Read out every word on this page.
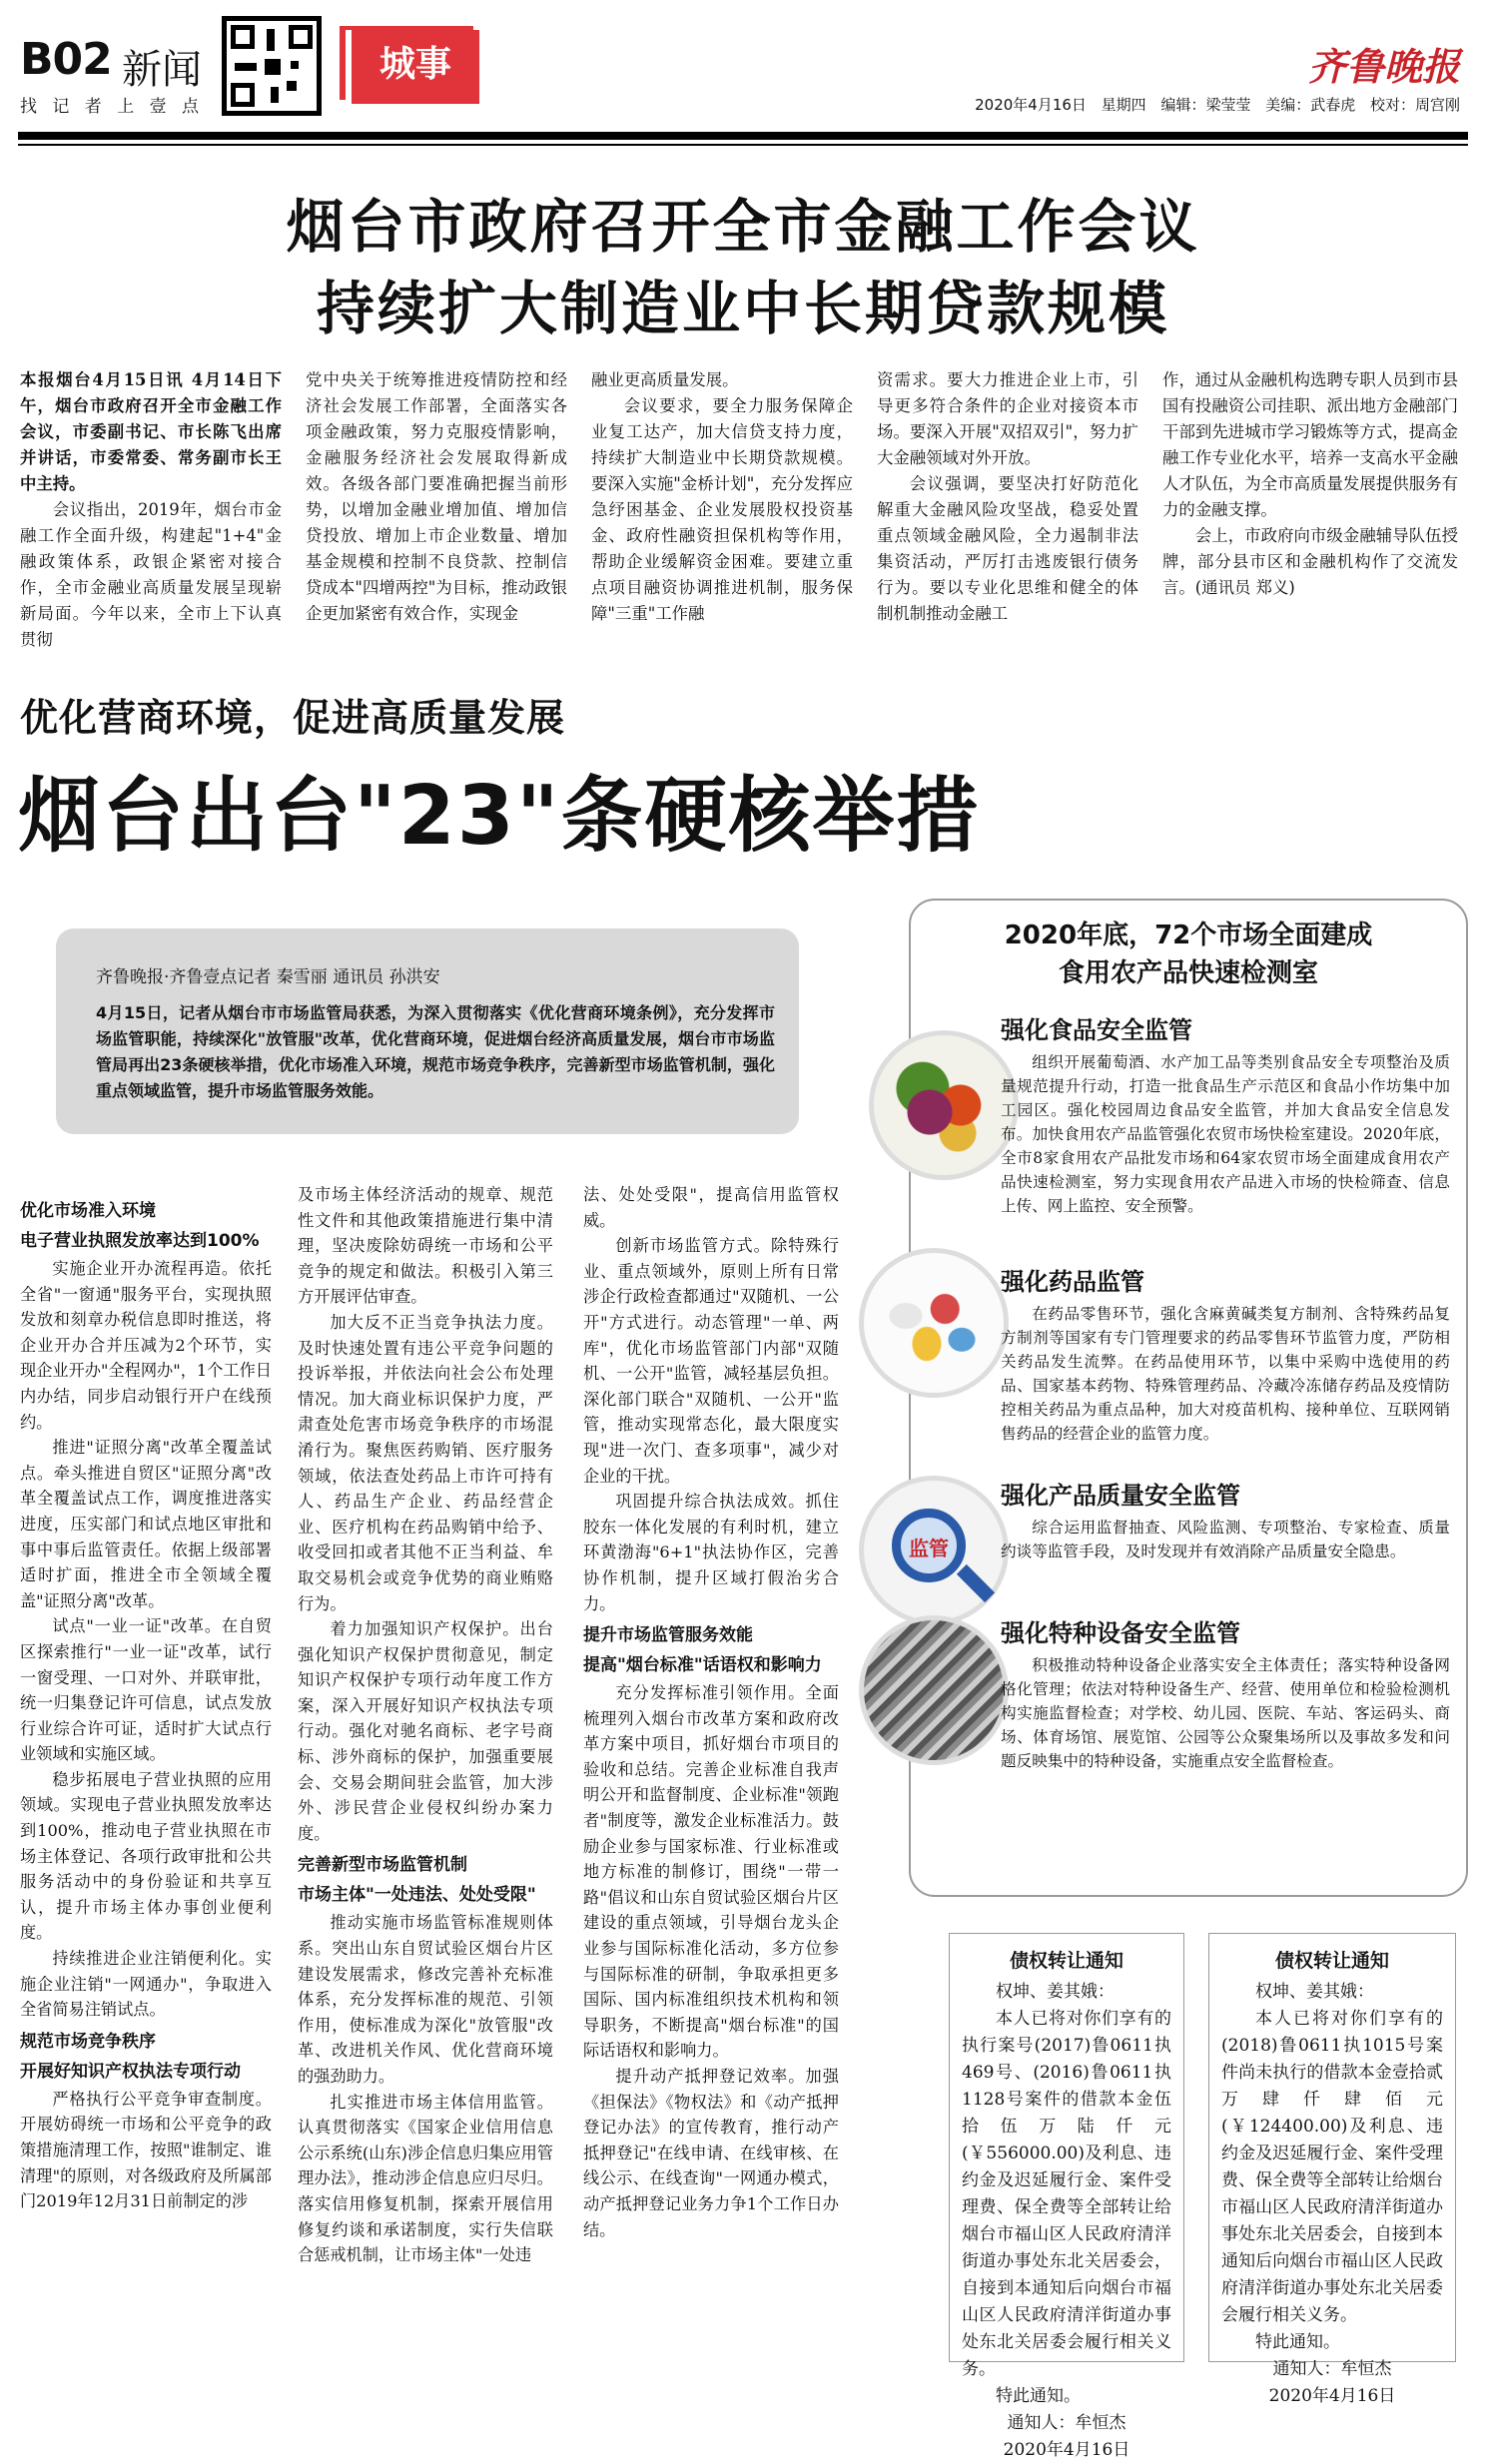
B02 新闻
找 记 者 上 壹 点
城事	齐鲁晚报
2020年4月16日 星期四 编辑：梁莹莹 美编：武春虎 校对：周宫刚
烟台市政府召开全市金融工作会议
持续扩大制造业中长期贷款规模

本报烟台4月15日讯 4月14日下午，烟台市政府召开全市金融工作会议，市委副书记、市长陈飞出席并讲话，市委常委、常务副市长王中主持。

会议指出，2019年，烟台市金融工作全面升级，构建起"1+4"金融政策体系，政银企紧密对接合作，全市金融业高质量发展呈现崭新局面。今年以来，全市上下认真贯彻

党中央关于统筹推进疫情防控和经济社会发展工作部署，全面落实各项金融政策，努力克服疫情影响，金融服务经济社会发展取得新成效。各级各部门要准确把握当前形势，以增加金融业增加值、增加信贷投放、增加上市企业数量、增加基金规模和控制不良贷款、控制信贷成本"四增两控"为目标，推动政银企更加紧密有效合作，实现金

融业更高质量发展。

会议要求，要全力服务保障企业复工达产，加大信贷支持力度，持续扩大制造业中长期贷款规模。要深入实施"金桥计划"，充分发挥应急纾困基金、企业发展股权投资基金、政府性融资担保机构等作用，帮助企业缓解资金困难。要建立重点项目融资协调推进机制，服务保障"三重"工作融

资需求。要大力推进企业上市，引导更多符合条件的企业对接资本市场。要深入开展"双招双引"，努力扩大金融领域对外开放。

会议强调，要坚决打好防范化解重大金融风险攻坚战，稳妥处置重点领域金融风险，全力遏制非法集资活动，严厉打击逃废银行债务行为。要以专业化思维和健全的体制机制推动金融工

作，通过从金融机构选聘专职人员到市县国有投融资公司挂职、派出地方金融部门干部到先进城市学习锻炼等方式，提高金融工作专业化水平，培养一支高水平金融人才队伍，为全市高质量发展提供服务有力的金融支撑。

会上，市政府向市级金融辅导队伍授牌，部分县市区和金融机构作了交流发言。(通讯员 郑义)

优化营商环境，促进高质量发展
烟台出台"23"条硬核举措
齐鲁晚报·齐鲁壹点记者 秦雪丽 通讯员 孙洪安
4月15日，记者从烟台市市场监管局获悉，为深入贯彻落实《优化营商环境条例》，充分发挥市场监管职能，持续深化"放管服"改革，优化营商环境，促进烟台经济高质量发展，烟台市市场监管局再出23条硬核举措，优化市场准入环境，规范市场竞争秩序，完善新型市场监管机制，强化重点领域监管，提升市场监管服务效能。
优化市场准入环境
电子营业执照发放率达到100%

实施企业开办流程再造。依托全省"一窗通"服务平台，实现执照发放和刻章办税信息即时推送，将企业开办合并压减为2个环节，实现企业开办"全程网办"，1个工作日内办结，同步启动银行开户在线预约。

推进"证照分离"改革全覆盖试点。牵头推进自贸区"证照分离"改革全覆盖试点工作，调度推进落实进度，压实部门和试点地区审批和事中事后监管责任。依据上级部署适时扩面，推进全市全领域全覆盖"证照分离"改革。

试点"一业一证"改革。在自贸区探索推行"一业一证"改革，试行一窗受理、一口对外、并联审批，统一归集登记许可信息，试点发放行业综合许可证，适时扩大试点行业领域和实施区域。

稳步拓展电子营业执照的应用领域。实现电子营业执照发放率达到100%，推动电子营业执照在市场主体登记、各项行政审批和公共服务活动中的身份验证和共享互认，提升市场主体办事创业便利度。

持续推进企业注销便利化。实施企业注销"一网通办"，争取进入全省简易注销试点。

规范市场竞争秩序
开展好知识产权执法专项行动

严格执行公平竞争审查制度。开展妨碍统一市场和公平竞争的政策措施清理工作，按照"谁制定、谁清理"的原则，对各级政府及所属部门2019年12月31日前制定的涉

及市场主体经济活动的规章、规范性文件和其他政策措施进行集中清理，坚决废除妨碍统一市场和公平竞争的规定和做法。积极引入第三方开展评估审查。

加大反不正当竞争执法力度。及时快速处置有违公平竞争问题的投诉举报，并依法向社会公布处理情况。加大商业标识保护力度，严肃查处危害市场竞争秩序的市场混淆行为。聚焦医药购销、医疗服务领域，依法查处药品上市许可持有人、药品生产企业、药品经营企业、医疗机构在药品购销中给予、收受回扣或者其他不正当利益、牟取交易机会或竞争优势的商业贿赂行为。

着力加强知识产权保护。出台强化知识产权保护贯彻意见，制定知识产权保护专项行动年度工作方案，深入开展好知识产权执法专项行动。强化对驰名商标、老字号商标、涉外商标的保护，加强重要展会、交易会期间驻会监管，加大涉外、涉民营企业侵权纠纷办案力度。

完善新型市场监管机制
市场主体"一处违法、处处受限"

推动实施市场监管标准规则体系。突出山东自贸试验区烟台片区建设发展需求，修改完善补充标准体系，充分发挥标准的规范、引领作用，使标准成为深化"放管服"改革、改进机关作风、优化营商环境的强劲助力。

扎实推进市场主体信用监管。认真贯彻落实《国家企业信用信息公示系统(山东)涉企信息归集应用管理办法》，推动涉企信息应归尽归。落实信用修复机制，探索开展信用修复约谈和承诺制度，实行失信联合惩戒机制，让市场主体"一处违

法、处处受限"，提高信用监管权威。

创新市场监管方式。除特殊行业、重点领域外，原则上所有日常涉企行政检查都通过"双随机、一公开"方式进行。动态管理"一单、两库"，优化市场监管部门内部"双随机、一公开"监管，减轻基层负担。深化部门联合"双随机、一公开"监管，推动实现常态化，最大限度实现"进一次门、查多项事"，减少对企业的干扰。

巩固提升综合执法成效。抓住胶东一体化发展的有利时机，建立环黄渤海"6+1"执法协作区，完善协作机制，提升区域打假治劣合力。

提升市场监管服务效能
提高"烟台标准"话语权和影响力

充分发挥标准引领作用。全面梳理列入烟台市改革方案和政府改革方案中项目，抓好烟台市项目的验收和总结。完善企业标准自我声明公开和监督制度、企业标准"领跑者"制度等，激发企业标准活力。鼓励企业参与国家标准、行业标准或地方标准的制修订，围绕"一带一路"倡议和山东自贸试验区烟台片区建设的重点领域，引导烟台龙头企业参与国际标准化活动，多方位参与国际标准的研制，争取承担更多国际、国内标准组织技术机构和领导职务，不断提高"烟台标准"的国际话语权和影响力。

提升动产抵押登记效率。加强《担保法》《物权法》和《动产抵押登记办法》的宣传教育，推行动产抵押登记"在线申请、在线审核、在线公示、在线查询"一网通办模式，动产抵押登记业务力争1个工作日办结。

2020年底，72个市场全面建成
食用农产品快速检测室
强化食品安全监管
组织开展葡萄酒、水产加工品等类别食品安全专项整治及质量规范提升行动，打造一批食品生产示范区和食品小作坊集中加工园区。强化校园周边食品安全监管，并加大食品安全信息发布。加快食用农产品监管强化农贸市场快检室建设。2020年底，全市8家食用农产品批发市场和64家农贸市场全面建成食用农产品快速检测室，努力实现食用农产品进入市场的快检筛查、信息上传、网上监控、安全预警。
强化药品监管
在药品零售环节，强化含麻黄碱类复方制剂、含特殊药品复方制剂等国家有专门管理要求的药品零售环节监管力度，严防相关药品发生流弊。在药品使用环节，以集中采购中选使用的药品、国家基本药物、特殊管理药品、冷藏冷冻储存药品及疫情防控相关药品为重点品种，加大对疫苗机构、接种单位、互联网销售药品的经营企业的监管力度。
监管
强化产品质量安全监管
综合运用监督抽查、风险监测、专项整治、专家检查、质量约谈等监管手段，及时发现并有效消除产品质量安全隐患。
强化特种设备安全监管
积极推动特种设备企业落实安全主体责任；落实特种设备网格化管理；依法对特种设备生产、经营、使用单位和检验检测机构实施监督检查；对学校、幼儿园、医院、车站、客运码头、商场、体育场馆、展览馆、公园等公众聚集场所以及事故多发和问题反映集中的特种设备，实施重点安全监督检查。
债权转让通知

权坤、姜其娥：

本人已将对你们享有的执行案号(2017)鲁0611执469号、(2016)鲁0611执1128号案件的借款本金伍拾伍万陆仟元(￥556000.00)及利息、违约金及迟延履行金、案件受理费、保全费等全部转让给烟台市福山区人民政府清洋街道办事处东北关居委会，自接到本通知后向烟台市福山区人民政府清洋街道办事处东北关居委会履行相关义务。

特此通知。

通知人：牟恒杰
2020年4月16日
债权转让通知

权坤、姜其娥：

本人已将对你们享有的(2018)鲁0611执1015号案件尚未执行的借款本金壹拾贰万肆仟肆佰元(￥124400.00)及利息、违约金及迟延履行金、案件受理费、保全费等全部转让给烟台市福山区人民政府清洋街道办事处东北关居委会，自接到本通知后向烟台市福山区人民政府清洋街道办事处东北关居委会履行相关义务。

特此通知。

通知人：牟恒杰
2020年4月16日
